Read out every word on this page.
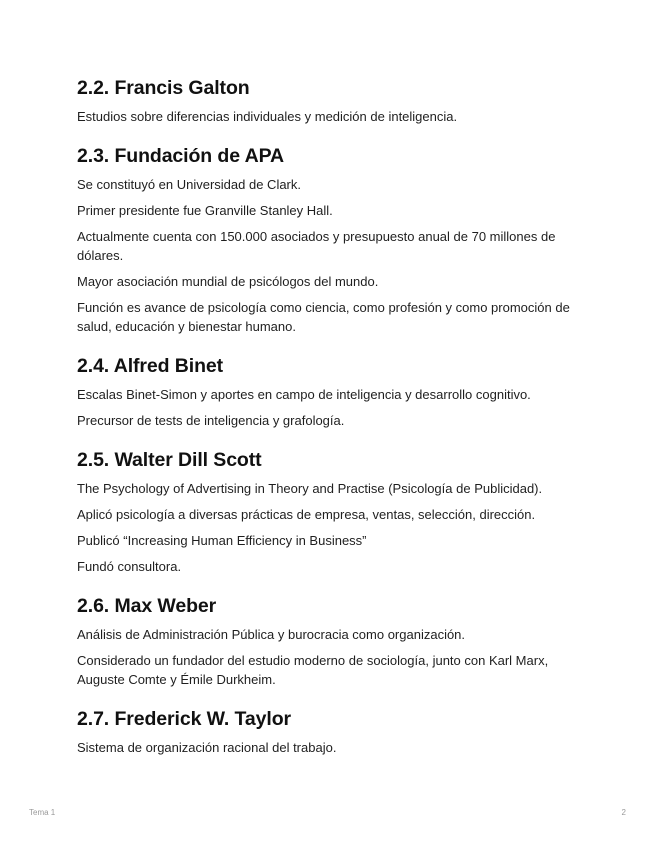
2.2. Francis Galton

Estudios sobre diferencias individuales y medición de inteligencia.

2.3. Fundación de APA

Se constituyó en Universidad de Clark.

Primer presidente fue Granville Stanley Hall.

Actualmente cuenta con 150.000 asociados y presupuesto anual de 70 millones de dólares.

Mayor asociación mundial de psicólogos del mundo.

Función es avance de psicología como ciencia, como profesión y como promoción de salud, educación y bienestar humano.

2.4. Alfred Binet

Escalas Binet-Simon y aportes en campo de inteligencia y desarrollo cognitivo.

Precursor de tests de inteligencia y grafología.

2.5. Walter Dill Scott

The Psychology of Advertising in Theory and Practise (Psicología de Publicidad).

Aplicó psicología a diversas prácticas de empresa, ventas, selección, dirección.

Publicó “Increasing Human Efficiency in Business”

Fundó consultora.

2.6. Max Weber

Análisis de Administración Pública y burocracia como organización.

Considerado un fundador del estudio moderno de sociología, junto con Karl Marx, Auguste Comte y Émile Durkheim.

2.7. Frederick W. Taylor

Sistema de organización racional del trabajo.

Tema 1	2
